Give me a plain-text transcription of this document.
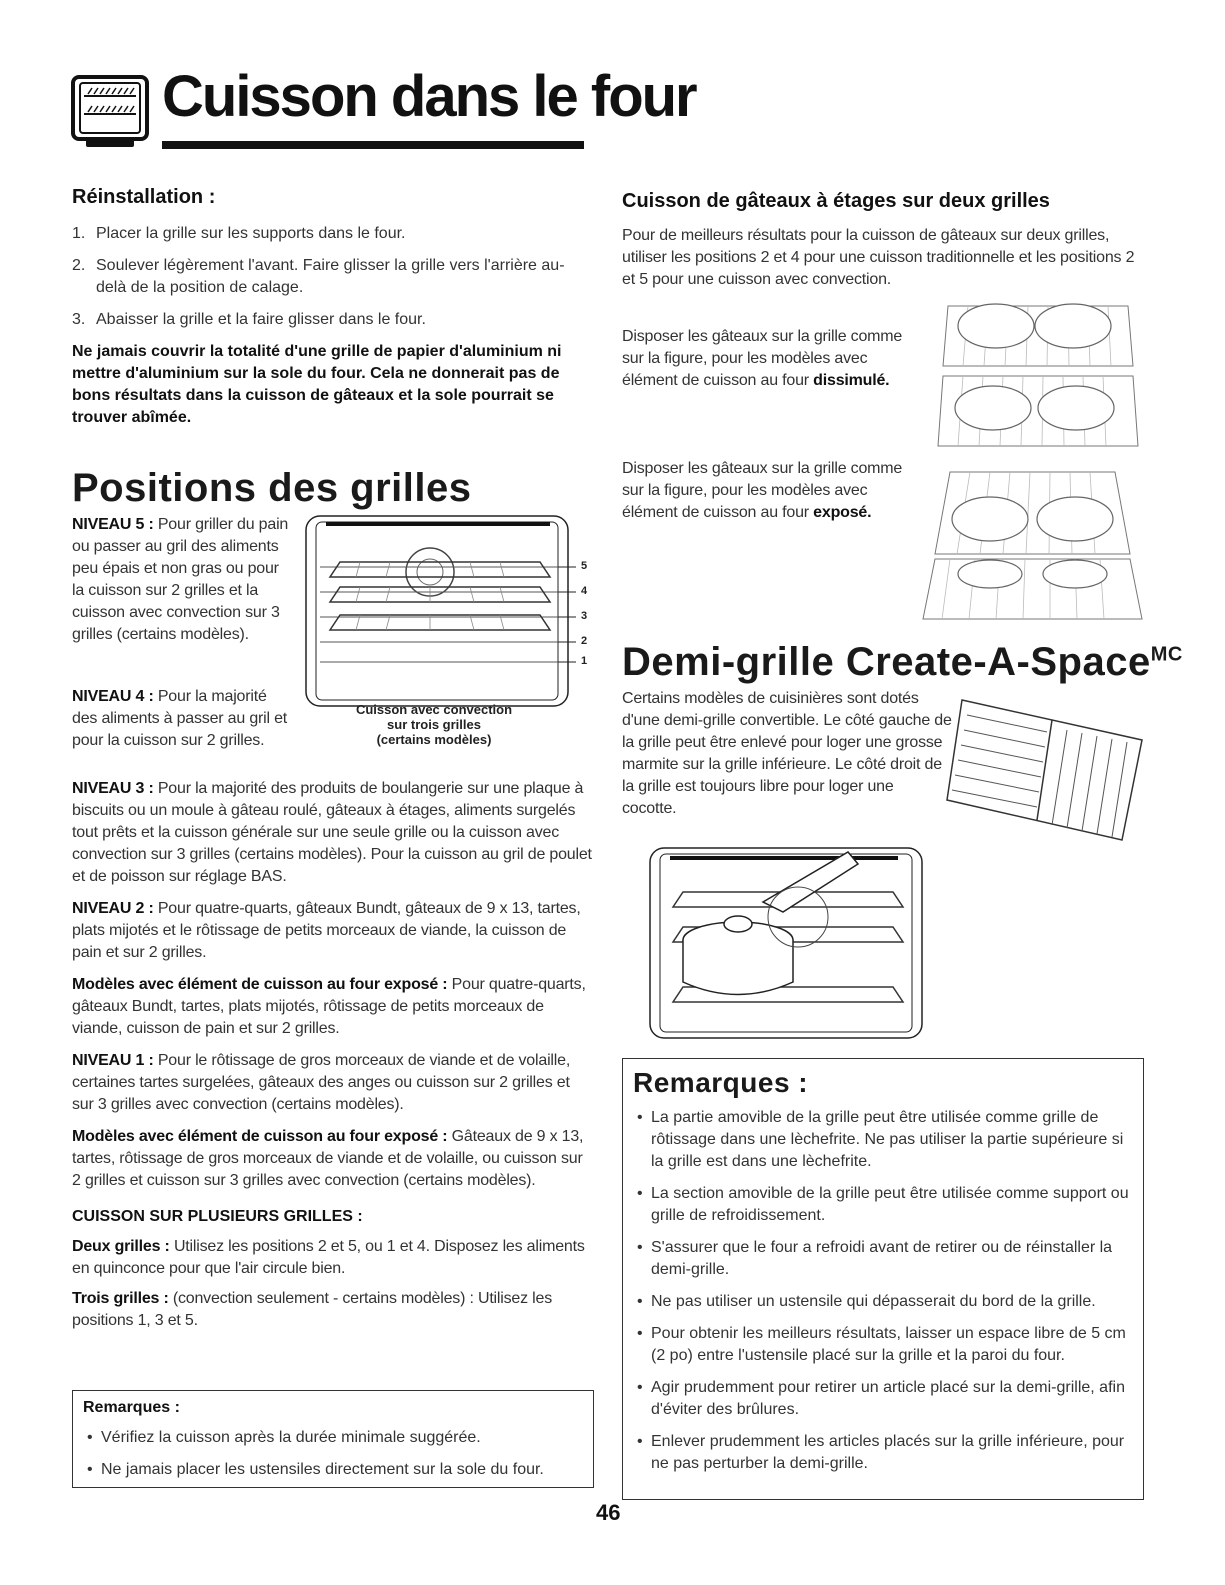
Cuisson dans le four
Réinstallation :
1. Placer la grille sur les supports dans le four.
2. Soulever légèrement l'avant. Faire glisser la grille vers l'arrière au-delà de la position de calage.
3. Abaisser la grille et la faire glisser dans le four.

Ne jamais couvrir la totalité d'une grille de papier d'aluminium ni mettre d'aluminium sur la sole du four. Cela ne donnerait pas de bons résultats dans la cuisson de gâteaux et la sole pourrait se trouver abîmée.

Positions des grilles
NIVEAU 5 : Pour griller du pain ou passer au gril des aliments peu épais et non gras ou pour la cuisson sur 2 grilles et la cuisson avec convection sur 3 grilles (certains modèles).
NIVEAU 4 : Pour la majorité des aliments à passer au gril et pour la cuisson sur 2 grilles.
5
4
3
2
1
Cuisson avec convection
sur trois grilles
(certains modèles)

NIVEAU 3 : Pour la majorité des produits de boulangerie sur une plaque à biscuits ou un moule à gâteau roulé, gâteaux à étages, aliments surgelés tout prêts et la cuisson générale sur une seule grille ou la cuisson avec convection sur 3 grilles (certains modèles). Pour la cuisson au gril de poulet et de poisson sur réglage BAS.

NIVEAU 2 : Pour quatre-quarts, gâteaux Bundt, gâteaux de 9 x 13, tartes, plats mijotés et le rôtissage de petits morceaux de viande, la cuisson de pain et sur 2 grilles.

Modèles avec élément de cuisson au four exposé : Pour quatre-quarts, gâteaux Bundt, tartes, plats mijotés, rôtissage de petits morceaux de viande, cuisson de pain et sur 2 grilles.

NIVEAU 1 : Pour le rôtissage de gros morceaux de viande et de volaille, certaines tartes surgelées, gâteaux des anges ou cuisson sur 2 grilles et sur 3 grilles avec convection (certains modèles).

Modèles avec élément de cuisson au four exposé : Gâteaux de 9 x 13, tartes, rôtissage de gros morceaux de viande et de volaille, ou cuisson sur 2 grilles et cuisson sur 3 grilles avec convection (certains modèles).

CUISSON SUR PLUSIEURS GRILLES :

Deux grilles : Utilisez les positions 2 et 5, ou 1 et 4. Disposez les aliments en quinconce pour que l'air circule bien.

Trois grilles : (convection seulement - certains modèles) : Utilisez les positions 1, 3 et 5.

Remarques :

• Vérifiez la cuisson après la durée minimale suggérée.
• Ne jamais placer les ustensiles directement sur la sole du four.
Cuisson de gâteaux à étages sur deux grilles

Pour de meilleurs résultats pour la cuisson de gâteaux sur deux grilles, utiliser les positions 2 et 4 pour une cuisson traditionnelle et les positions 2 et 5 pour une cuisson avec convection.

Disposer les gâteaux sur la grille comme sur la figure, pour les modèles avec élément de cuisson au four dissimulé.
Disposer les gâteaux sur la grille comme sur la figure, pour les modèles avec élément de cuisson au four exposé.
Demi-grille Create-A-Space$^{MC}$
Certains modèles de cuisinières sont dotés d'une demi-grille convertible. Le côté gauche de la grille peut être enlevé pour loger une grosse marmite sur la grille inférieure. Le côté droit de la grille est toujours libre pour loger une cocotte.
Remarques :
• La partie amovible de la grille peut être utilisée comme grille de rôtissage dans une lèchefrite. Ne pas utiliser la partie supérieure si la grille est dans une lèchefrite.
• La section amovible de la grille peut être utilisée comme support ou grille de refroidissement.
• S'assurer que le four a refroidi avant de retirer ou de réinstaller la demi-grille.
• Ne pas utiliser un ustensile qui dépasserait du bord de la grille.
• Pour obtenir les meilleurs résultats, laisser un espace libre de 5 cm (2 po) entre l'ustensile placé sur la grille et la paroi du four.
• Agir prudemment pour retirer un article placé sur la demi-grille, afin d'éviter des brûlures.
• Enlever prudemment les articles placés sur la grille inférieure, pour ne pas perturber la demi-grille.
46
